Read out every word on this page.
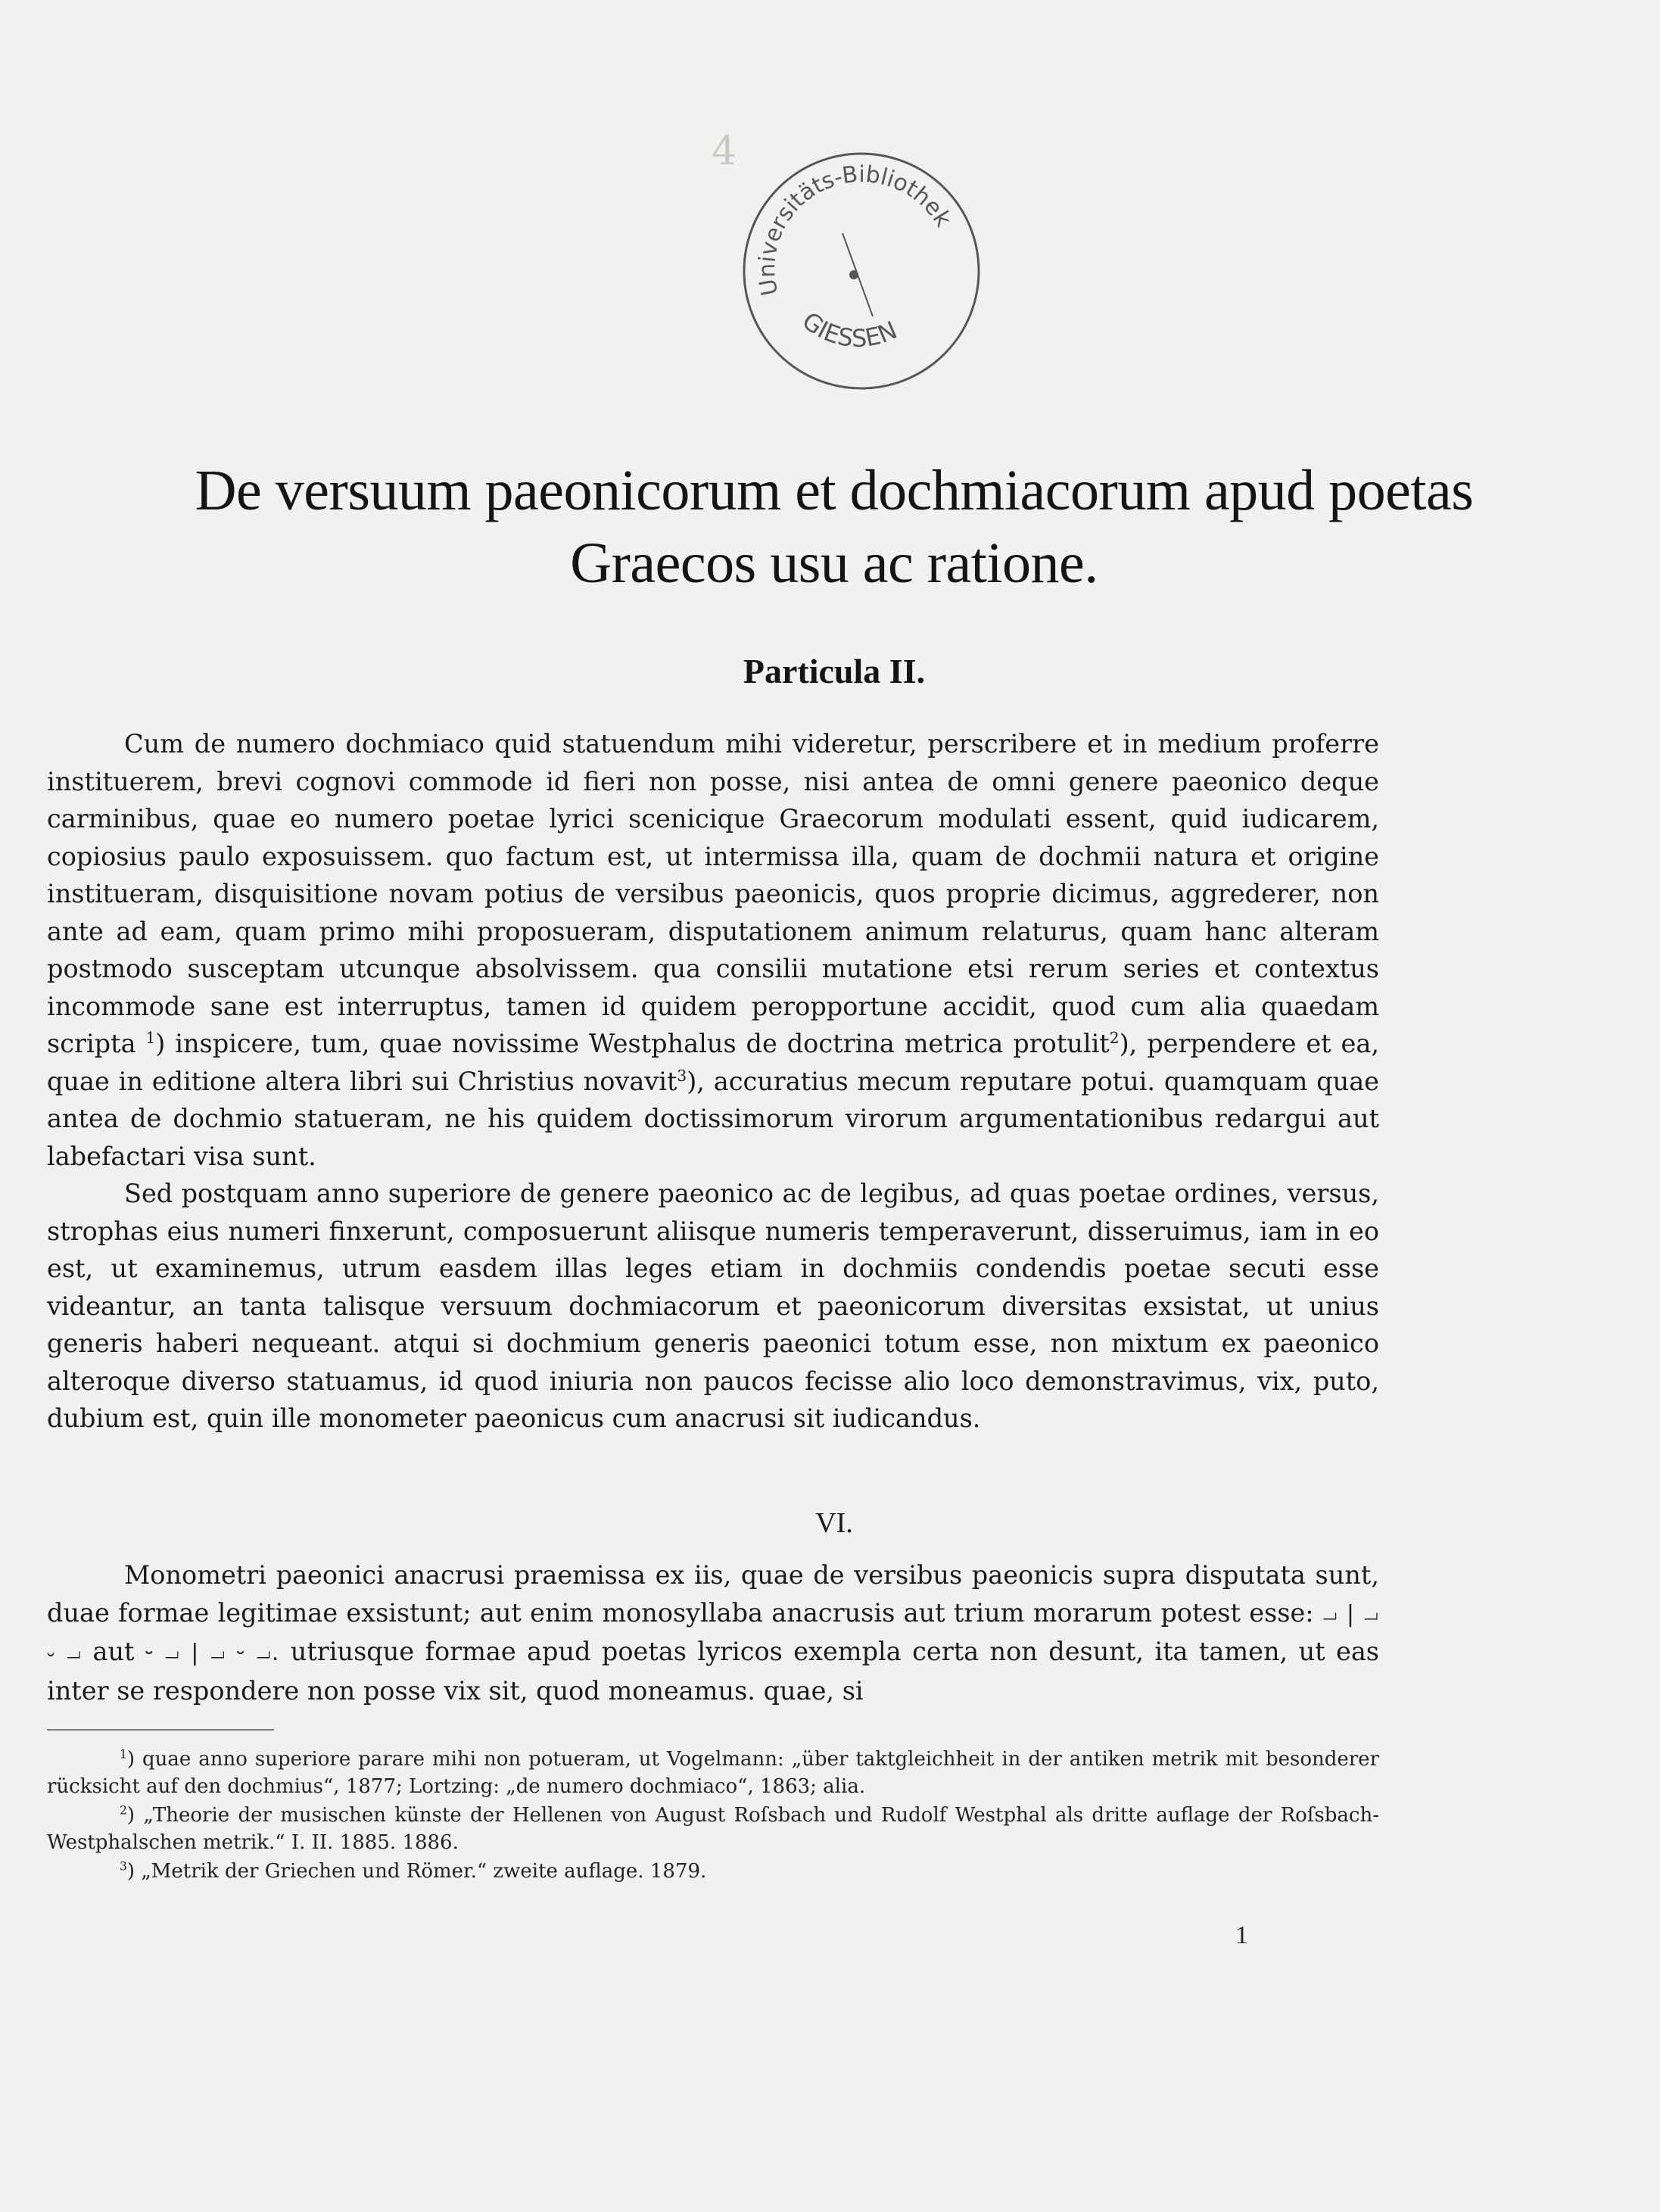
4
Universitäts-Bibliothek
GIESSEN
De versuum paeonicorum et dochmiacorum apud poetas
Graecos usu ac ratione.
Particula II.

Cum de numero dochmiaco quid statuendum mihi videretur, perscribere et in medium proferre instituerem, brevi cognovi commode id fieri non posse, nisi antea de omni genere paeonico deque carminibus, quae eo numero poetae lyrici scenicique Graecorum modulati essent, quid iudicarem, copiosius paulo exposuissem. quo factum est, ut intermissa illa, quam de dochmii natura et origine institueram, disquisitione novam potius de versibus paeonicis, quos proprie dicimus, aggrederer, non ante ad eam, quam primo mihi proposueram, disputationem animum relaturus, quam hanc alteram postmodo susceptam utcunque absolvissem. qua consilii mutatione etsi rerum series et contextus incommode sane est interruptus, tamen id quidem peropportune accidit, quod cum alia quaedam scripta $^1$) inspicere, tum, quae novissime Westphalus de doctrina metrica protulit$^2$), perpendere et ea, quae in editione altera libri sui Christius novavit$^3$), accuratius mecum reputare potui. quamquam quae antea de dochmio statueram, ne his quidem doctissimorum virorum argumentationibus redargui aut labefactari visa sunt.

Sed postquam anno superiore de genere paeonico ac de legibus, ad quas poetae ordines, versus, strophas eius numeri finxerunt, composuerunt aliisque numeris temperaverunt, disseruimus, iam in eo est, ut examinemus, utrum easdem illas leges etiam in dochmiis condendis poetae secuti esse videantur, an tanta talisque versuum dochmiacorum et paeonicorum diversitas exsistat, ut unius generis haberi nequeant. atqui si dochmium generis paeonici totum esse, non mixtum ex paeonico alteroque diverso statuamus, id quod iniuria non paucos fecisse alio loco demonstravimus, vix, puto, dubium est, quin ille monometer paeonicus cum anacrusi sit iudicandus.

VI.

Monometri paeonici anacrusi praemissa ex iis, quae de versibus paeonicis supra disputata sunt, duae formae legitimae exsistunt; aut enim monosyllaba anacrusis aut trium morarum potest esse: ⏗ | ⏗ ⏑ ⏗ aut ⏑ ⏗ | ⏗ ⏑ ⏗. utriusque formae apud poetas lyricos exempla certa non desunt, ita tamen, ut eas inter se respondere non posse vix sit, quod moneamus. quae, si

$^1$) quae anno superiore parare mihi non potueram, ut Vogelmann: „über taktgleichheit in der antiken metrik mit besonderer rücksicht auf den dochmius“, 1877; Lortzing: „de numero dochmiaco“, 1863; alia.

$^2$) „Theorie der musischen künste der Hellenen von August Roſsbach und Rudolf Westphal als dritte auflage der Roſsbach-Westphalschen metrik.“ I. II. 1885. 1886.

$^3$) „Metrik der Griechen und Römer.“ zweite auflage. 1879.

1
